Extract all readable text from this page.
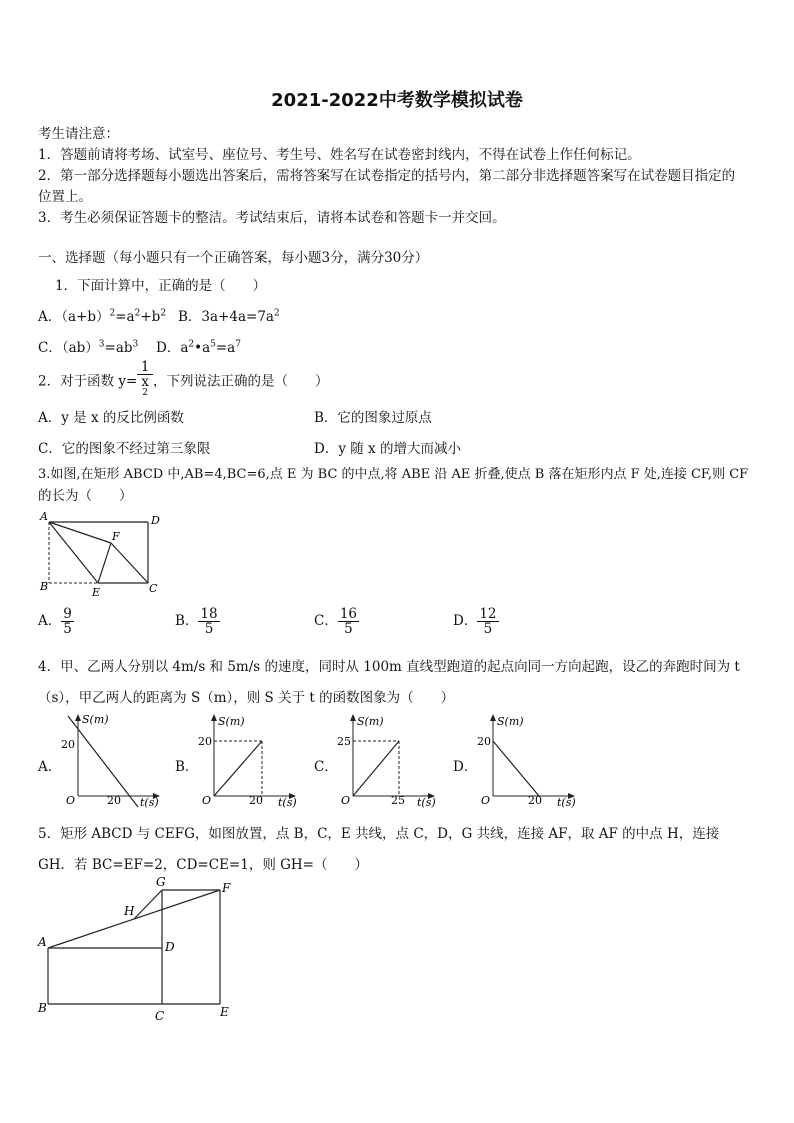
2021-2022中考数学模拟试卷
考生请注意：
1．答题前请将考场、试室号、座位号、考生号、姓名写在试卷密封线内，不得在试卷上作任何标记。
2．第一部分选择题每小题选出答案后，需将答案写在试卷指定的括号内，第二部分非选择题答案写在试卷题目指定的
位置上。
3．考生必须保证答题卡的整洁。考试结束后，请将本试卷和答题卡一并交回。
一、选择题（每小题只有一个正确答案，每小题3分，满分30分）
1．下面计算中，正确的是（　　）
A．$(a+b)^2=a^2+b^2$ B．$3a+4a=7a^2$
C．$(ab)^3=ab^3$ D．$a^2•a^5=a^7$
2．对于函数 y= 1
x
$^2$ ，下列说法正确的是（　　）
A．y 是 x 的反比例函数	B．它的图象过原点
C．它的图象不经过第三象限	D．y 随 x 的增大而减小
3.如图,在矩形 ABCD 中,AB=4,BC=6,点 E 为 BC 的中点,将 ABE 沿 AE 折叠,使点 B 落在矩形内点 F 处,连接 CF,则 CF
的长为（　　）
A	D
F
B	E	C
A． $\frac{9}{5}$	B． $\frac{18}{5}$	C． $\frac{16}{5}$	D． $\frac{12}{5}$
4．甲、乙两人分别以 4m/s 和 5m/s 的速度，同时从 100m 直线型跑道的起点向同一方向起跑，设乙的奔跑时间为 t
（s），甲乙两人的距离为 S（m），则 S 关于 t 的函数图象为（　　）
A．
S(m)
20
O	20 t(s)
B．
S(m)
20
O	20 t(s)
C．
S(m)
25
O	25 t(s)
D．
S(m)
20
O	20 t(s)
5．矩形 ABCD 与 CEFG，如图放置，点 B，C，E 共线，点 C，D，G 共线，连接 AF，取 AF 的中点 H，连接
GH．若 BC=EF=2，CD=CE=1，则 GH=（　　）
A
B
C
D
E
F
G
H
